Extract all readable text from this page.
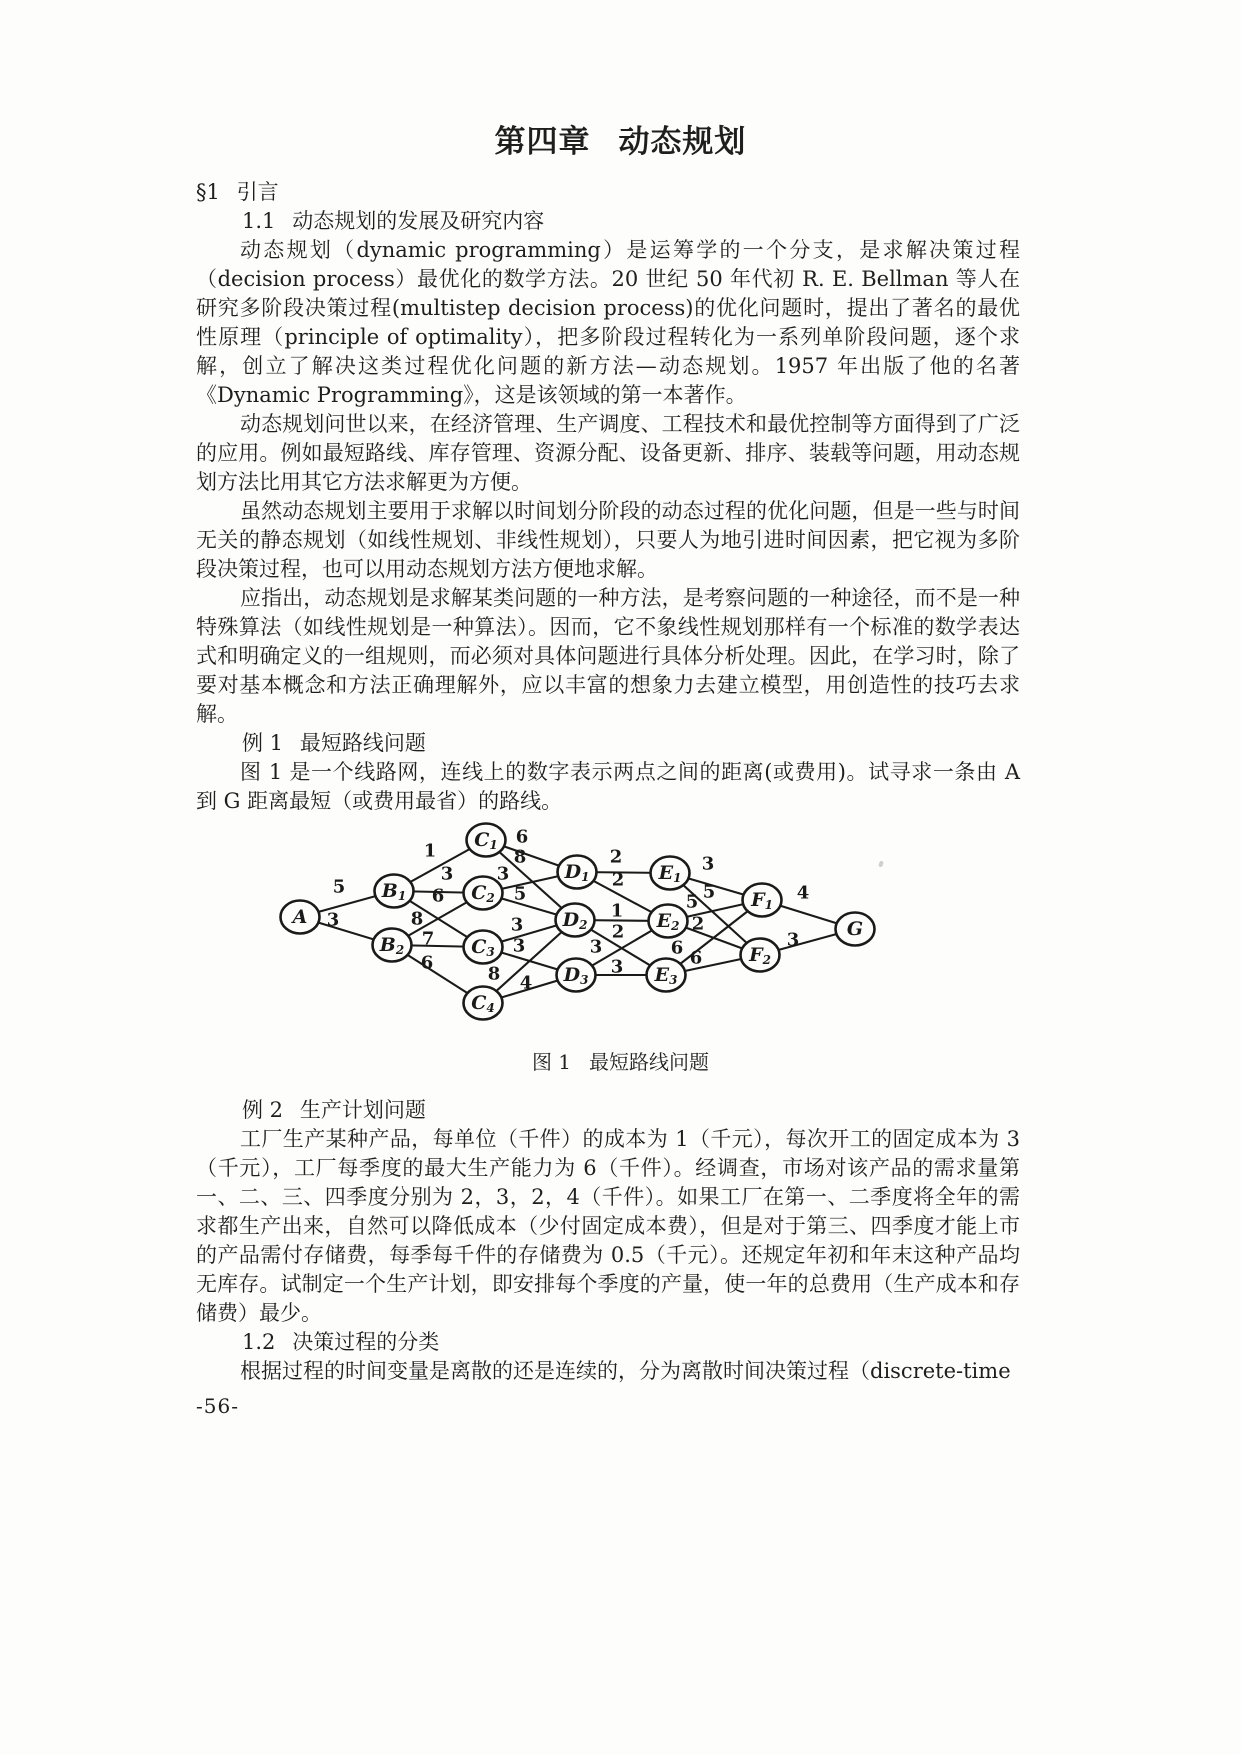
第四章 动态规划

§1 引言

1.1 动态规划的发展及研究内容

动态规划（dynamic programming）是运筹学的一个分支，是求解决策过程（decision process）最优化的数学方法。20 世纪 50 年代初 R. E. Bellman 等人在研究多阶段决策过程(multistep decision process)的优化问题时，提出了著名的最优性原理（principle of optimality），把多阶段过程转化为一系列单阶段问题，逐个求解，创立了解决这类过程优化问题的新方法—动态规划。1957 年出版了他的名著《Dynamic Programming》，这是该领域的第一本著作。

动态规划问世以来，在经济管理、生产调度、工程技术和最优控制等方面得到了广泛的应用。例如最短路线、库存管理、资源分配、设备更新、排序、装载等问题，用动态规划方法比用其它方法求解更为方便。

虽然动态规划主要用于求解以时间划分阶段的动态过程的优化问题，但是一些与时间无关的静态规划（如线性规划、非线性规划），只要人为地引进时间因素，把它视为多阶段决策过程，也可以用动态规划方法方便地求解。

应指出，动态规划是求解某类问题的一种方法，是考察问题的一种途径，而不是一种特殊算法（如线性规划是一种算法）。因而，它不象线性规划那样有一个标准的数学表达式和明确定义的一组规则，而必须对具体问题进行具体分析处理。因此，在学习时，除了要对基本概念和方法正确理解外，应以丰富的想象力去建立模型，用创造性的技巧去求解。

例 1 最短路线问题

图 1 是一个线路网，连线上的数字表示两点之间的距离(或费用)。试寻求一条由 A 到 G 距离最短（或费用最省）的路线。

A
$B_1$
$B_2$
$C_1$
$C_2$
$C_3$
$C_4$
$D_1$
$D_2$
$D_3$
$E_1$
$E_2$
$E_3$
$F_1$
$F_2$
G
5
3
1
3
6
8
7
6
6
8
3
5
3
3
8 4
2
2
1
2
3
3
3
5
5
2
6 6
4
3
图 1 最短路线问题

例 2 生产计划问题

工厂生产某种产品，每单位（千件）的成本为 1（千元），每次开工的固定成本为 3（千元），工厂每季度的最大生产能力为 6（千件）。经调查，市场对该产品的需求量第一、二、三、四季度分别为 2，3，2，4（千件）。如果工厂在第一、二季度将全年的需求都生产出来，自然可以降低成本（少付固定成本费），但是对于第三、四季度才能上市的产品需付存储费，每季每千件的存储费为 0.5（千元）。还规定年初和年末这种产品均无库存。试制定一个生产计划，即安排每个季度的产量，使一年的总费用（生产成本和存储费）最少。

1.2 决策过程的分类

根据过程的时间变量是离散的还是连续的，分为离散时间决策过程（discrete-time

-56-
